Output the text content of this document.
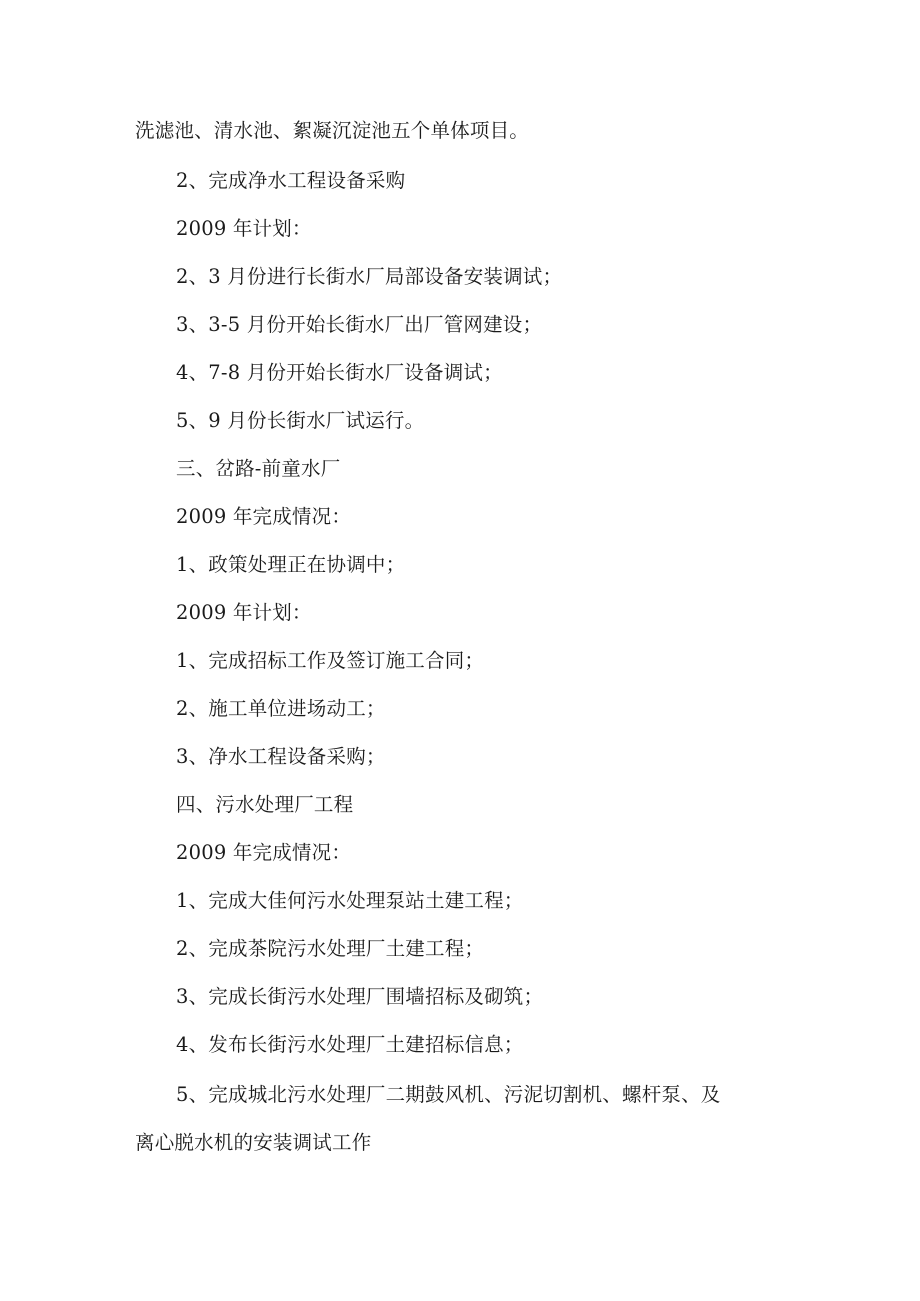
洗滤池、清水池、絮凝沉淀池五个单体项目。
2、完成净水工程设备采购
2009 年计划：
2、3 月份进行长街水厂局部设备安装调试；
3、3-5 月份开始长街水厂出厂管网建设；
4、7-8 月份开始长街水厂设备调试；
5、9 月份长街水厂试运行。
三、岔路-前童水厂
2009 年完成情况：
1、政策处理正在协调中；
2009 年计划：
1、完成招标工作及签订施工合同；
2、施工单位进场动工；
3、净水工程设备采购；
四、污水处理厂工程
2009 年完成情况：
1、完成大佳何污水处理泵站土建工程；
2、完成茶院污水处理厂土建工程；
3、完成长街污水处理厂围墙招标及砌筑；
4、发布长街污水处理厂土建招标信息；
5、完成城北污水处理厂二期鼓风机、污泥切割机、螺杆泵、及
离心脱水机的安装调试工作
